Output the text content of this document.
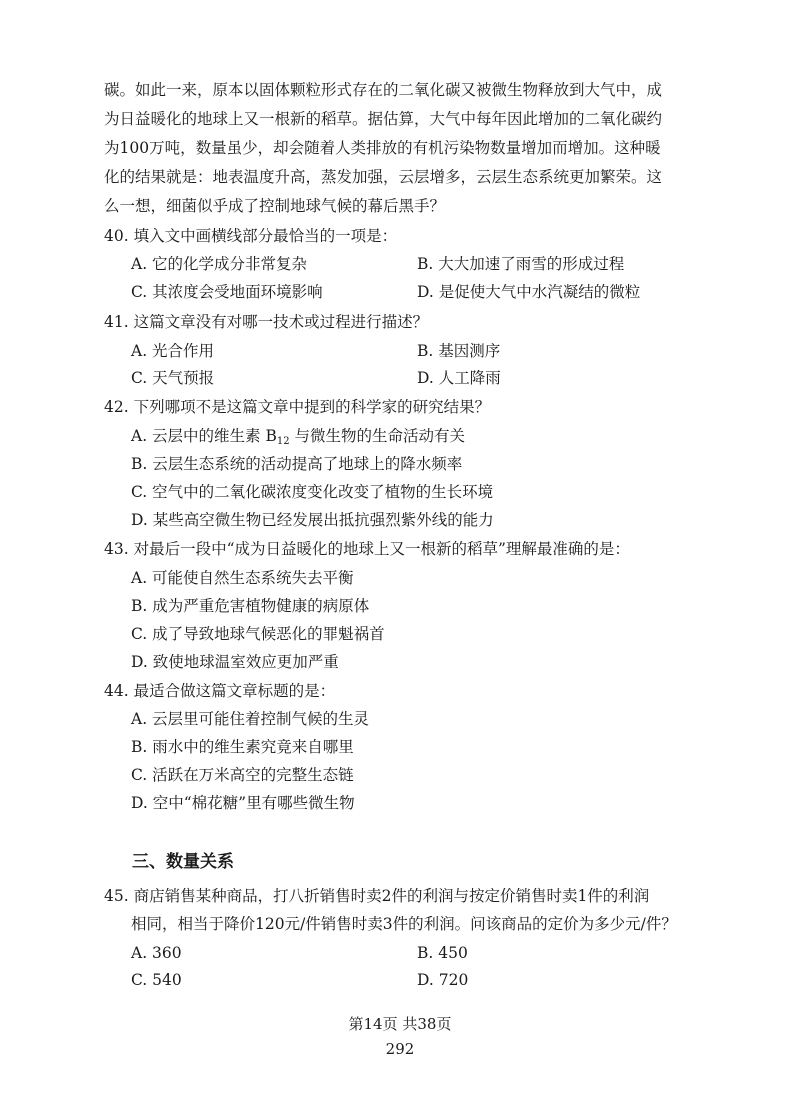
碳。如此一来，原本以固体颗粒形式存在的二氧化碳又被微生物释放到大气中，成
为日益暖化的地球上又一根新的稻草。据估算，大气中每年因此增加的二氧化碳约
为100万吨，数量虽少，却会随着人类排放的有机污染物数量增加而增加。这种暖
化的结果就是：地表温度升高，蒸发加强，云层增多，云层生态系统更加繁荣。这
么一想，细菌似乎成了控制地球气候的幕后黑手？
40. 填入文中画横线部分最恰当的一项是：
A. 它的化学成分非常复杂	B. 大大加速了雨雪的形成过程
C. 其浓度会受地面环境影响	D. 是促使大气中水汽凝结的微粒
41. 这篇文章没有对哪一技术或过程进行描述？
A. 光合作用	B. 基因测序
C. 天气预报	D. 人工降雨
42. 下列哪项不是这篇文章中提到的科学家的研究结果？
A. 云层中的维生素 $B_{12}$ 与微生物的生命活动有关
B. 云层生态系统的活动提高了地球上的降水频率
C. 空气中的二氧化碳浓度变化改变了植物的生长环境
D. 某些高空微生物已经发展出抵抗强烈紫外线的能力
43. 对最后一段中“成为日益暖化的地球上又一根新的稻草”理解最准确的是：
A. 可能使自然生态系统失去平衡
B. 成为严重危害植物健康的病原体
C. 成了导致地球气候恶化的罪魁祸首
D. 致使地球温室效应更加严重
44. 最适合做这篇文章标题的是：
A. 云层里可能住着控制气候的生灵
B. 雨水中的维生素究竟来自哪里
C. 活跃在万米高空的完整生态链
D. 空中“棉花糖”里有哪些微生物
三、数量关系
45. 商店销售某种商品，打八折销售时卖2件的利润与按定价销售时卖1件的利润
相同，相当于降价120元/件销售时卖3件的利润。问该商品的定价为多少元/件？
A. 360	B. 450
C. 540	D. 720
第14页 共38页
292
